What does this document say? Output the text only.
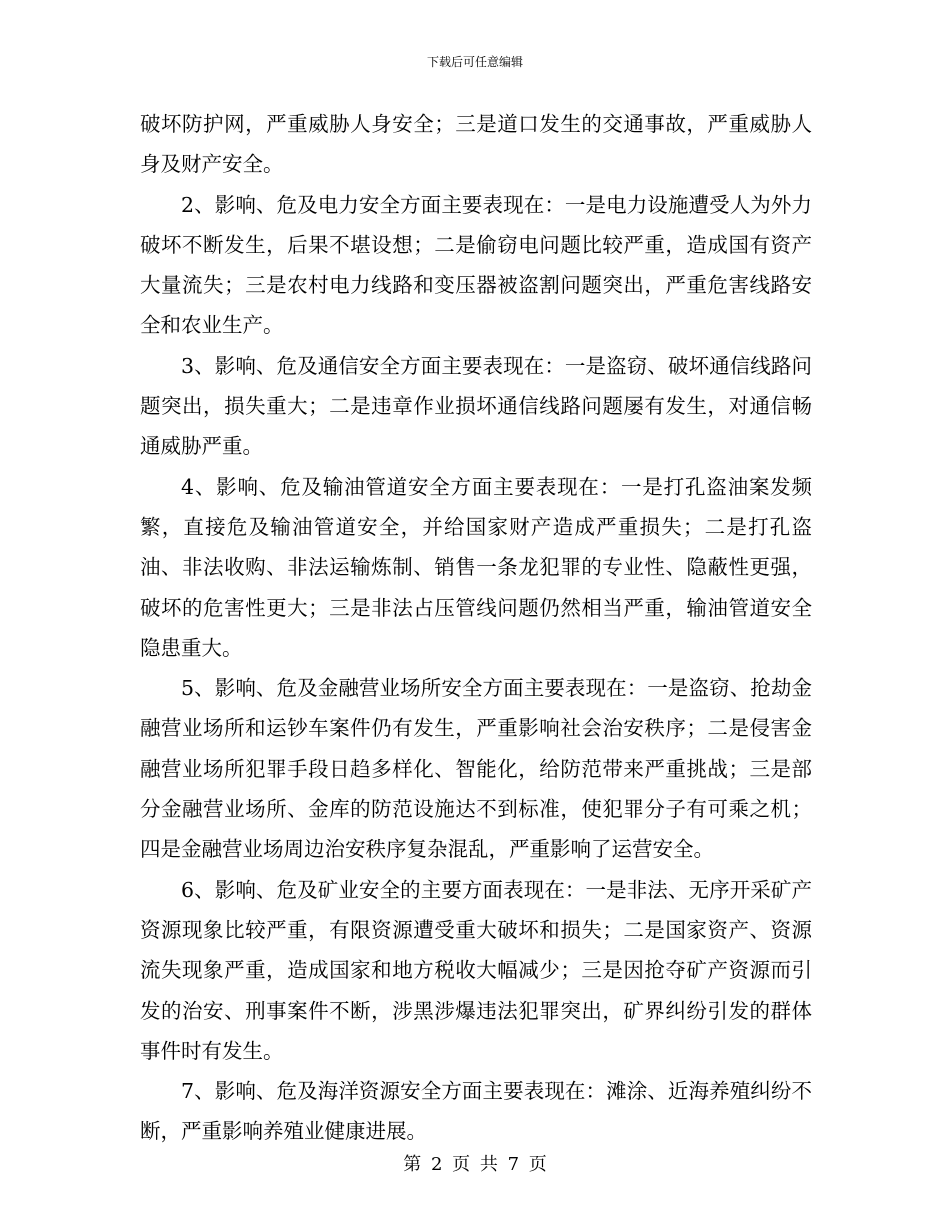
下载后可任意编辑

破坏防护网，严重威胁人身安全；三是道口发生的交通事故，严重威胁人身及财产安全。

2、影响、危及电力安全方面主要表现在：一是电力设施遭受人为外力破坏不断发生，后果不堪设想；二是偷窃电问题比较严重，造成国有资产大量流失；三是农村电力线路和变压器被盗割问题突出，严重危害线路安全和农业生产。

3、影响、危及通信安全方面主要表现在：一是盗窃、破坏通信线路问题突出，损失重大；二是违章作业损坏通信线路问题屡有发生，对通信畅通威胁严重。

4、影响、危及输油管道安全方面主要表现在：一是打孔盗油案发频繁，直接危及输油管道安全，并给国家财产造成严重损失；二是打孔盗油、非法收购、非法运输炼制、销售一条龙犯罪的专业性、隐蔽性更强，破坏的危害性更大；三是非法占压管线问题仍然相当严重，输油管道安全隐患重大。

5、影响、危及金融营业场所安全方面主要表现在：一是盗窃、抢劫金融营业场所和运钞车案件仍有发生，严重影响社会治安秩序；二是侵害金融营业场所犯罪手段日趋多样化、智能化，给防范带来严重挑战；三是部分金融营业场所、金库的防范设施达不到标准，使犯罪分子有可乘之机；四是金融营业场周边治安秩序复杂混乱，严重影响了运营安全。

6、影响、危及矿业安全的主要方面表现在：一是非法、无序开采矿产资源现象比较严重，有限资源遭受重大破坏和损失；二是国家资产、资源流失现象严重，造成国家和地方税收大幅减少；三是因抢夺矿产资源而引发的治安、刑事案件不断，涉黑涉爆违法犯罪突出，矿界纠纷引发的群体事件时有发生。

7、影响、危及海洋资源安全方面主要表现在：滩涂、近海养殖纠纷不断，严重影响养殖业健康进展。

第 2 页 共 7 页
